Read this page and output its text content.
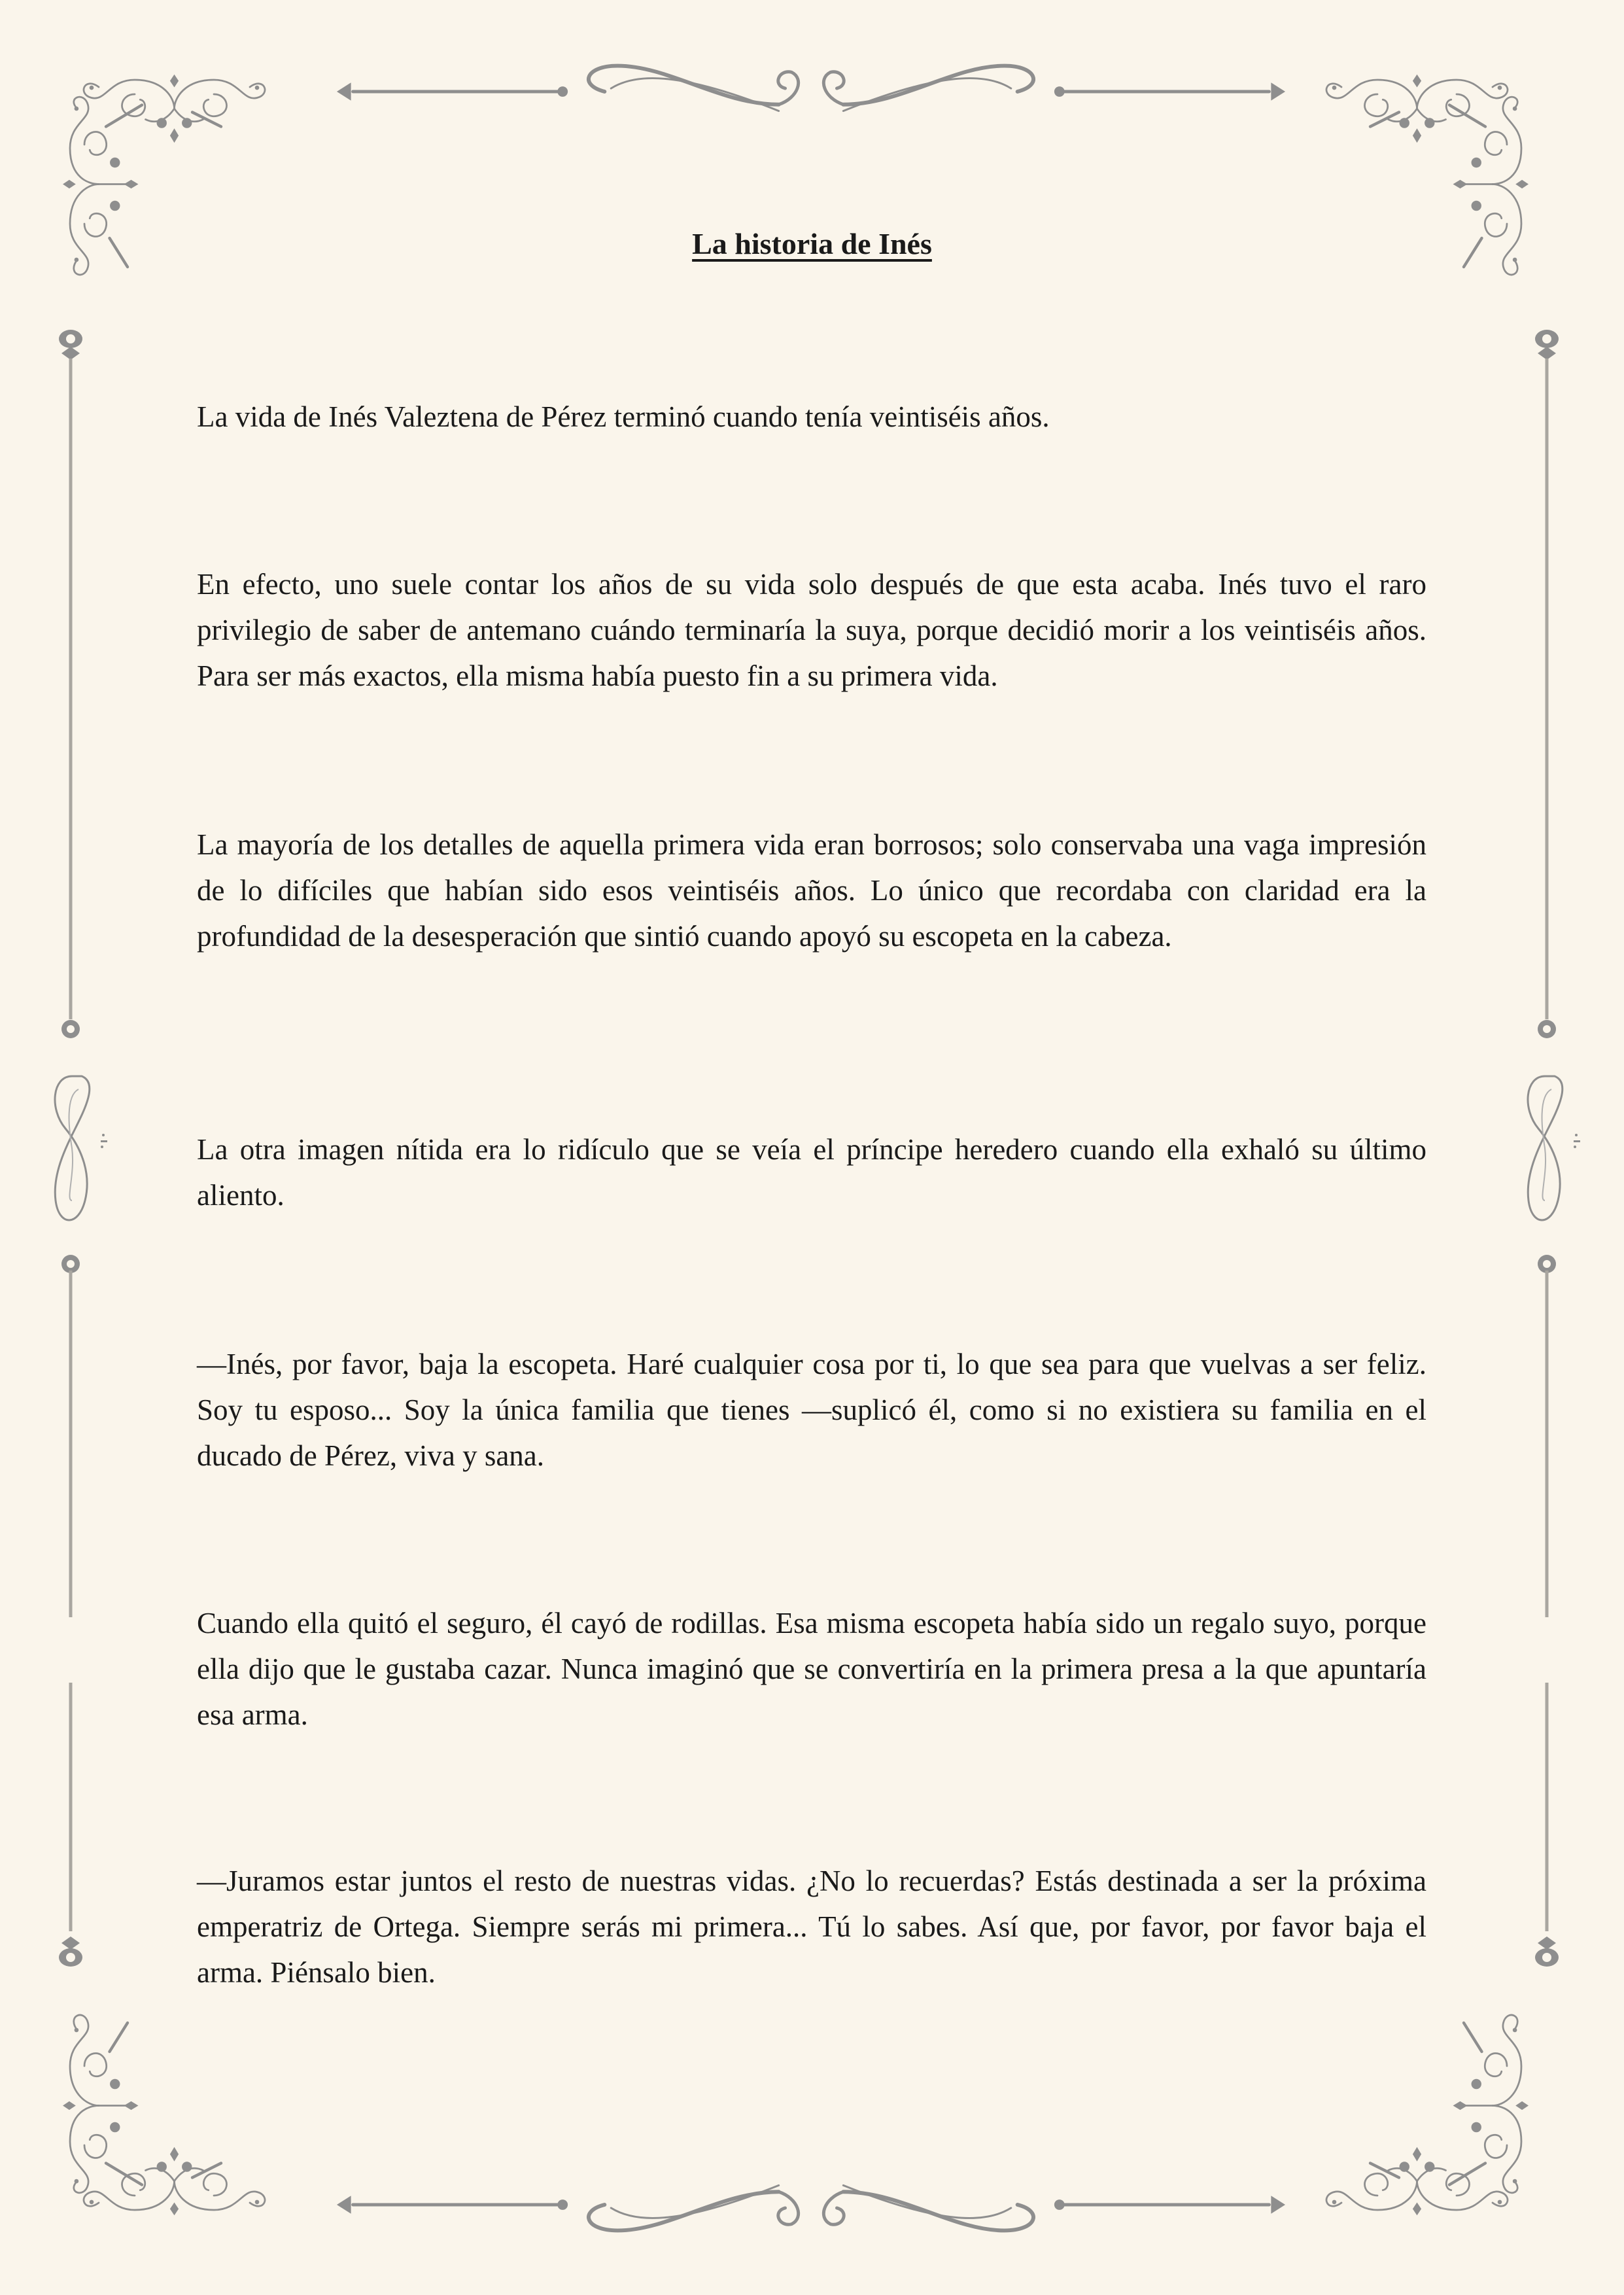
La historia de Inés

La vida de Inés Valeztena de Pérez terminó cuando tenía veintiséis años.

En efecto, uno suele contar los años de su vida solo después de que esta acaba. Inés tuvo el raro privilegio de saber de antemano cuándo terminaría la suya, porque decidió morir a los veintiséis años. Para ser más exactos, ella misma había puesto fin a su primera vida.

La mayoría de los detalles de aquella primera vida eran borrosos; solo conservaba una vaga impresión de lo difíciles que habían sido esos veintiséis años. Lo único que recordaba con claridad era la profundidad de la desesperación que sintió cuando apoyó su escopeta en la cabeza.

La otra imagen nítida era lo ridículo que se veía el príncipe heredero cuando ella exhaló su último aliento.

—Inés, por favor, baja la escopeta. Haré cualquier cosa por ti, lo que sea para que vuelvas a ser feliz. Soy tu esposo... Soy la única familia que tienes —suplicó él, como si no existiera su familia en el ducado de Pérez, viva y sana.

Cuando ella quitó el seguro, él cayó de rodillas. Esa misma escopeta había sido un regalo suyo, porque ella dijo que le gustaba cazar. Nunca imaginó que se convertiría en la primera presa a la que apuntaría esa arma.

—Juramos estar juntos el resto de nuestras vidas. ¿No lo recuerdas? Estás destinada a ser la próxima emperatriz de Ortega. Siempre serás mi primera... Tú lo sabes. Así que, por favor, por favor baja el arma. Piénsalo bien.
